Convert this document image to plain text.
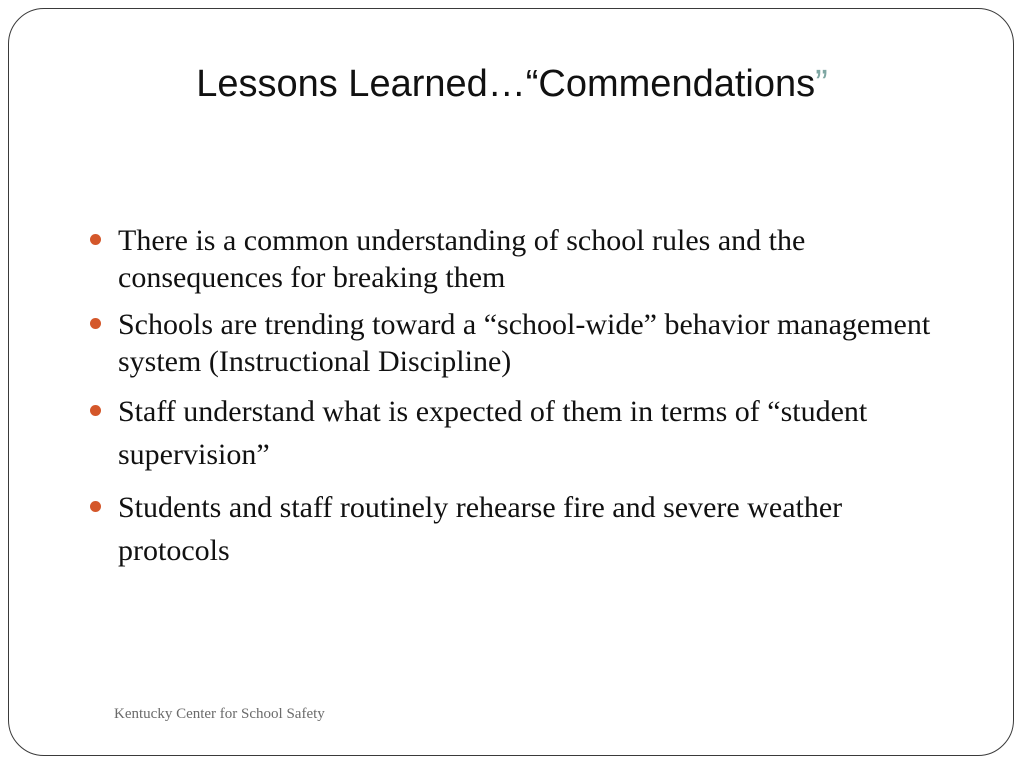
Lessons Learned…“Commendations”
There is a common understanding of school rules and the consequences for breaking them
Schools are trending toward a “school-wide” behavior management system (Instructional Discipline)
Staff understand what is expected of them in terms of “student supervision”
Students and staff routinely rehearse fire and severe weather protocols
Kentucky Center for School Safety
